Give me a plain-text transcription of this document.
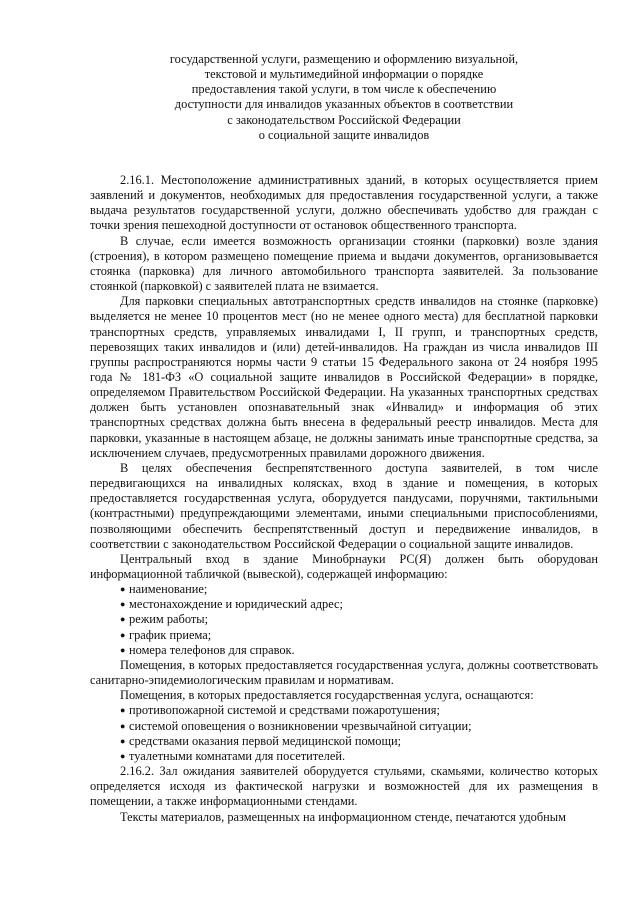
государственной услуги, размещению и оформлению визуальной,
текстовой и мультимедийной информации о порядке
предоставления такой услуги, в том числе к обеспечению
доступности для инвалидов указанных объектов в соответствии
с законодательством Российской Федерации
о социальной защите инвалидов

2.16.1. Местоположение административных зданий, в которых осуществляется прием заявлений и документов, необходимых для предоставления государственной услуги, а также выдача результатов государственной услуги, должно обеспечивать удобство для граждан с точки зрения пешеходной доступности от остановок общественного транспорта.

В случае, если имеется возможность организации стоянки (парковки) возле здания (строения), в котором размещено помещение приема и выдачи документов, организовывается стоянка (парковка) для личного автомобильного транспорта заявителей. За пользование стоянкой (парковкой) с заявителей плата не взимается.

Для парковки специальных автотранспортных средств инвалидов на стоянке (парковке) выделяется не менее 10 процентов мест (но не менее одного места) для бесплатной парковки транспортных средств, управляемых инвалидами I, II групп, и транспортных средств, перевозящих таких инвалидов и (или) детей-инвалидов. На граждан из числа инвалидов III группы распространяются нормы части 9 статьи 15 Федерального закона от 24 ноября 1995 года № 181-ФЗ «О социальной защите инвалидов в Российской Федерации» в порядке, определяемом Правительством Российской Федерации. На указанных транспортных средствах должен быть установлен опознавательный знак «Инвалид» и информация об этих транспортных средствах должна быть внесена в федеральный реестр инвалидов. Места для парковки, указанные в настоящем абзаце, не должны занимать иные транспортные средства, за исключением случаев, предусмотренных правилами дорожного движения.

В целях обеспечения беспрепятственного доступа заявителей, в том числе передвигающихся на инвалидных колясках, вход в здание и помещения, в которых предоставляется государственная услуга, оборудуется пандусами, поручнями, тактильными (контрастными) предупреждающими элементами, иными специальными приспособлениями, позволяющими обеспечить беспрепятственный доступ и передвижение инвалидов, в соответствии с законодательством Российской Федерации о социальной защите инвалидов.

Центральный вход в здание Минобрнауки РС(Я) должен быть оборудован информационной табличкой (вывеской), содержащей информацию:

● наименование;
● местонахождение и юридический адрес;
● режим работы;
● график приема;
● номера телефонов для справок.

Помещения, в которых предоставляется государственная услуга, должны соответствовать санитарно-эпидемиологическим правилам и нормативам.

Помещения, в которых предоставляется государственная услуга, оснащаются:

● противопожарной системой и средствами пожаротушения;
● системой оповещения о возникновении чрезвычайной ситуации;
● средствами оказания первой медицинской помощи;
● туалетными комнатами для посетителей.

2.16.2. Зал ожидания заявителей оборудуется стульями, скамьями, количество которых определяется исходя из фактической нагрузки и возможностей для их размещения в помещении, а также информационными стендами.

Тексты материалов, размещенных на информационном стенде, печатаются удобным
